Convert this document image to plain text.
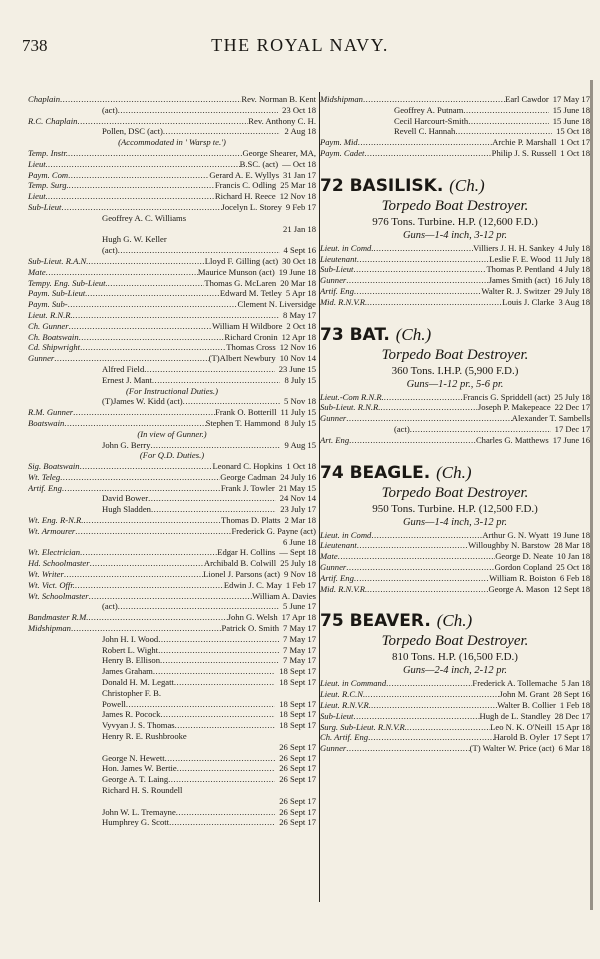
738	THE ROYAL NAVY.
Chaplain .....	Rev. Norman B. Kent
(act) .....	23 Oct 18
R.C. Chaplain .....	Rev. Anthony C. H.
Pollen, DSC (act) .....	2 Aug 18
(Accommodated in ' Warsp te.')
Temp. Instr. .....	George Shearer, MA,
Lieut. .....	B.SC. (act) — Oct 18
Paym. Com .....	Gerard A. E. Wyllys 31 Jan 17
Temp. Surg. .....	Francis C. Odling 25 Mar 18
Lieut. .....	Richard H. Reece 12 Nov 18
Sub-Lieut .....	Jocelyn L. Storey 9 Feb 17
Geoffrey A. C. Williams
21 Jan 18
Hugh G. W. Keller
(act) .....	4 Sept 16
Sub-Lieut. R.A.N. .....	Lloyd F. Gilling (act) 30 Oct 18
Mate .....	Maurice Munson (act) 19 June 18
Tempy. Eng. Sub-Lieut. .....	Thomas G. McLaren 20 Mar 18
Paym. Sub-Lieut. .....	Edward M. Tetley 5 Apr 18
Paym. Sub- .....	Clement N. Liversidge
Lieut. R.N.R. .....	8 May 17
Ch. Gunner .....	William H Wildbore 2 Oct 18
Ch. Boatswain .....	Richard Cronin 12 Apr 18
Cd. Shipwright .....	Thomas Cross 12 Nov 16
Gunner .....	(T)Albert Newbury 10 Nov 14
Alfred Field .....	23 June 15
Ernest J. Mant .....	8 July 15
(For Instructional Duties.)
(T)James W. Kidd (act) .....	5 Nov 18
R.M. Gunner .....	Frank O. Botterill 11 July 15
Boatswain .....	Stephen T. Hammond 8 July 15
(In view of Gunner.)
John G. Berry .....	9 Aug 15
(For Q.D. Duties.)
Sig. Boatswain .....	Leonard C. Hopkins 1 Oct 18
Wt. Teleg .....	George Cadman 24 July 16
Artif. Eng .....	Frank J. Towler 21 May 15
David Bower .....	24 Nov 14
Hugh Sladden .....	23 July 17
Wt. Eng. R-N.R. .....	Thomas D. Platts 2 Mar 18
Wt. Armourer .....	Frederick G. Payne (act)
6 June 18
Wt. Electrician .....	Edgar H. Collins — Sept 18
Hd. Schoolmaster .....	Archibald B. Colwill 25 July 18
Wt. Writer .....	Lionel J. Parsons (act) 9 Nov 18
Wt. Vict. Offr. .....	Edwin J. C. May 1 Feb 17
Wt. Schoolmaster .....	William A. Davies
(act) .....	5 June 17
Bandmaster R.M. .....	John G. Welsh 17 Apr 18
Midshipman .....	Patrick O. Smith 7 May 17
John H. I. Wood .....	7 May 17
Robert L. Wight .....	7 May 17
Henry B. Ellison .....	7 May 17
James Graham .....	18 Sept 17
Donald H. M. Legatt .....	18 Sept 17
Christopher F. B.
Powell .....	18 Sept 17
James R. Pocock .....	18 Sept 17
Vyvyan J. S. Thomas .....	18 Sept 17
Henry R. E. Rushbrooke
26 Sept 17
George N. Hewett .....	26 Sept 17
Hon. James W. Bertie .....	26 Sept 17
George A. T. Laing .....	26 Sept 17
Richard H. S. Roundell
26 Sept 17
John W. L. Tremayne .....	26 Sept 17
Humphrey G. Scott .....	26 Sept 17
Midshipman .....	Earl Cawdor 17 May 17
Geoffrey A. Putnam .....	15 June 18
Cecil Harcourt-Smith .....	15 June 18
Revell C. Hannah .....	15 Oct 18
Paym. Mid .....	Archie P. Marshall 1 Oct 17
Paym. Cadet .....	Philip J. S. Russell 1 Oct 18
72 BASILISK. (Ch.)
Torpedo Boat Destroyer.
976 Tons. Turbine. H.P. (12,600 F.D.)
Guns—1-4 inch, 3-12 pr.
Lieut. in Comd. .....	Villiers J. H. H. Sankey 4 July 18
Lieutenant .....	Leslie F. E. Wood 11 July 18
Sub-Lieut .....	Thomas P. Pentland 4 July 18
Gunner .....	James Smith (act) 16 July 18
Artif. Eng .....	Walter R. J. Switzer 29 July 18
Mid. R.N.V.R. .....	Louis J. Clarke 3 Aug 18
73 BAT. (Ch.)
Torpedo Boat Destroyer.
360 Tons. I.H.P. (5,900 F.D.)
Guns—1-12 pr., 5-6 pr.
Lieut.-Com R.N.R. .....	Francis G. Spriddell (act) 25 July 18
Sub-Lieut. R.N.R. .....	Joseph P. Makepeace 22 Dec 17
Gunner .....	Alexander T. Sambells
(act) .....	17 Dec 17
Art. Eng .....	Charles G. Matthews 17 June 16
74 BEAGLE. (Ch.)
Torpedo Boat Destroyer.
950 Tons. Turbine. H.P. (12,500 F.D.)
Guns—1-4 inch, 3-12 pr.
Lieut. in Comd .....	Arthur G. N. Wyatt 19 June 18
Lieutenant .....	Willoughby N. Barstow 28 Mar 18
Mate .....	George D. Neate 10 Jan 18
Gunner .....	Gordon Copland 25 Oct 18
Artif. Eng .....	William R. Boiston 6 Feb 18
Mid. R.N.V.R. .....	George A. Mason 12 Sept 18
75 BEAVER. (Ch.)
Torpedo Boat Destroyer.
810 Tons. H.P. (16,500 F.D.)
Guns—2-4 inch, 2-12 pr.
Lieut. in Command .....	Frederick A. Tollemache 5 Jan 18
Lieut. R.C.N. .....	John M. Grant 28 Sept 16
Lieut. R.N.V.R. .....	Walter B. Collier 1 Feb 18
Sub-Lieut .....	Hugh de L. Standley 28 Dec 17
Surg. Sub-Lieut. R.N.V.R. .....	Leo N. K. O'Neill 15 Apr 18
Ch. Artif. Eng .....	Harold B. Oyler 17 Sept 17
Gunner .....	(T) Walter W. Price (act) 6 Mar 18
